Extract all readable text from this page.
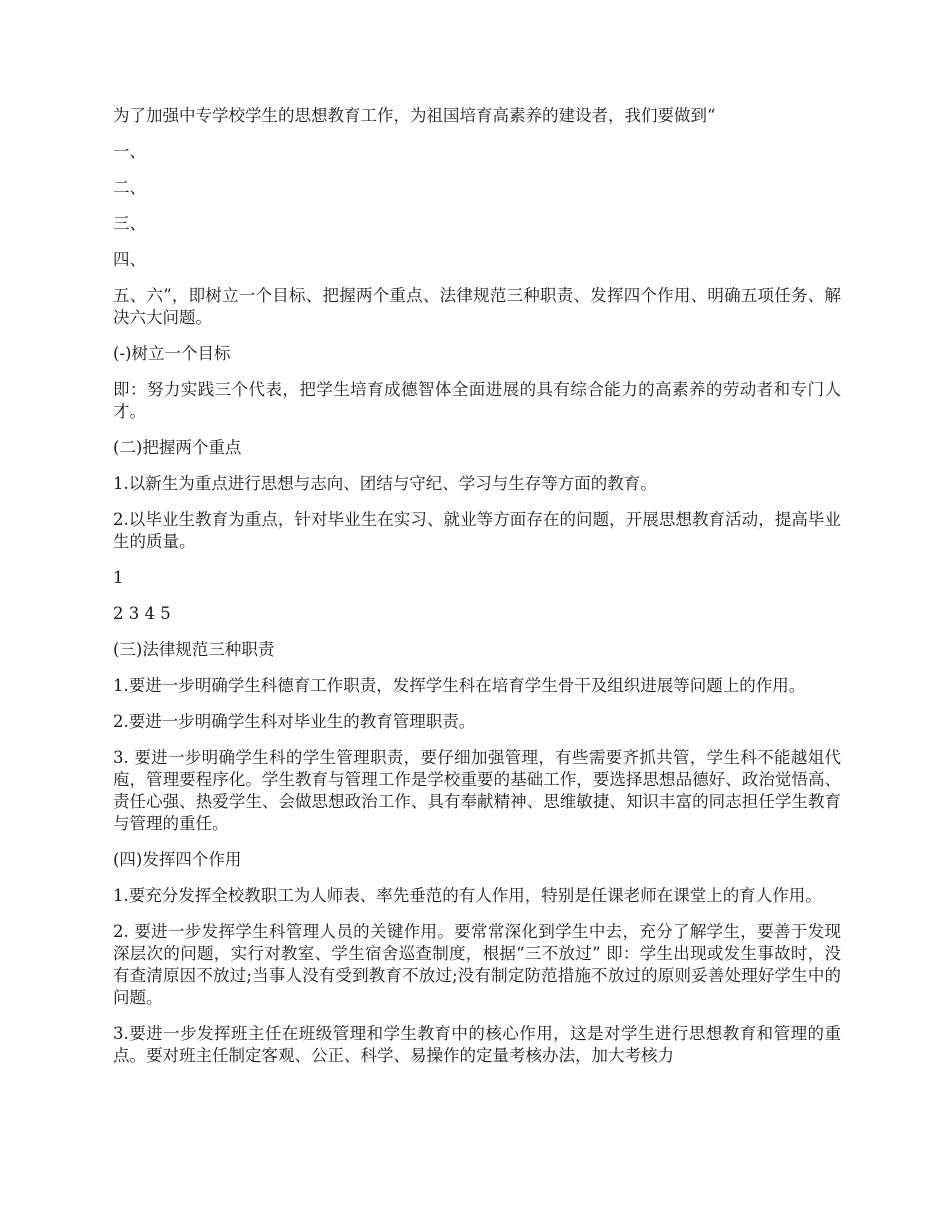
为了加强中专学校学生的思想教育工作，为祖国培育高素养的建设者，我们要做到“

一、

二、

三、

四、

五、六”，即树立一个目标、把握两个重点、法律规范三种职责、发挥四个作用、明确五项任务、解决六大问题。

(-)树立一个目标

即：努力实践三个代表，把学生培育成德智体全面进展的具有综合能力的高素养的劳动者和专门人才。

(二)把握两个重点

1.以新生为重点进行思想与志向、团结与守纪、学习与生存等方面的教育。

2.以毕业生教育为重点，针对毕业生在实习、就业等方面存在的问题，开展思想教育活动，提高毕业生的质量。

1

2 3 4 5

(三)法律规范三种职责

1.要进一步明确学生科德育工作职责，发挥学生科在培育学生骨干及组织进展等问题上的作用。

2.要进一步明确学生科对毕业生的教育管理职责。

3. 要进一步明确学生科的学生管理职责，要仔细加强管理，有些需要齐抓共管，学生科不能越俎代庖，管理要程序化。学生教育与管理工作是学校重要的基础工作，要选择思想品德好、政治觉悟高、责任心强、热爱学生、会做思想政治工作、具有奉献精神、思维敏捷、知识丰富的同志担任学生教育与管理的重任。

(四)发挥四个作用

1.要充分发挥全校教职工为人师表、率先垂范的有人作用，特别是任课老师在课堂上的育人作用。

2. 要进一步发挥学生科管理人员的关键作用。要常常深化到学生中去，充分了解学生，要善于发现深层次的问题，实行对教室、学生宿舍巡查制度，根据“三不放过” 即：学生出现或发生事故时，没有查清原因不放过;当事人没有受到教育不放过;没有制定防范措施不放过的原则妥善处理好学生中的问题。

3.要进一步发挥班主任在班级管理和学生教育中的核心作用，这是对学生进行思想教育和管理的重点。要对班主任制定客观、公正、科学、易操作的定量考核办法，加大考核力
